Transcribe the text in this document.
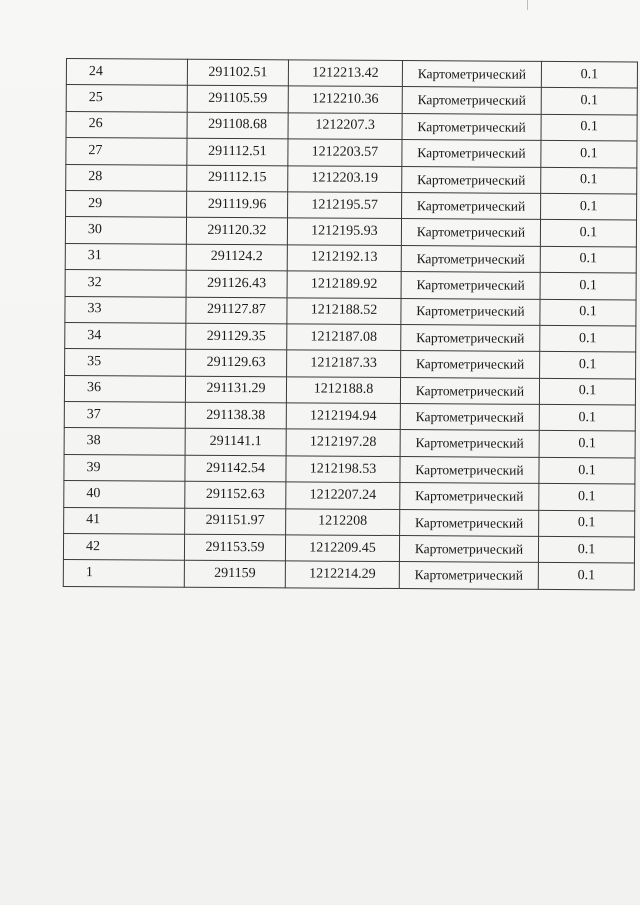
24	291102.51	1212213.42	Картометрический	0.1
25	291105.59	1212210.36	Картометрический	0.1
26	291108.68	1212207.3	Картометрический	0.1
27	291112.51	1212203.57	Картометрический	0.1
28	291112.15	1212203.19	Картометрический	0.1
29	291119.96	1212195.57	Картометрический	0.1
30	291120.32	1212195.93	Картометрический	0.1
31	291124.2	1212192.13	Картометрический	0.1
32	291126.43	1212189.92	Картометрический	0.1
33	291127.87	1212188.52	Картометрический	0.1
34	291129.35	1212187.08	Картометрический	0.1
35	291129.63	1212187.33	Картометрический	0.1
36	291131.29	1212188.8	Картометрический	0.1
37	291138.38	1212194.94	Картометрический	0.1
38	291141.1	1212197.28	Картометрический	0.1
39	291142.54	1212198.53	Картометрический	0.1
40	291152.63	1212207.24	Картометрический	0.1
41	291151.97	1212208	Картометрический	0.1
42	291153.59	1212209.45	Картометрический	0.1
1	291159	1212214.29	Картометрический	0.1
